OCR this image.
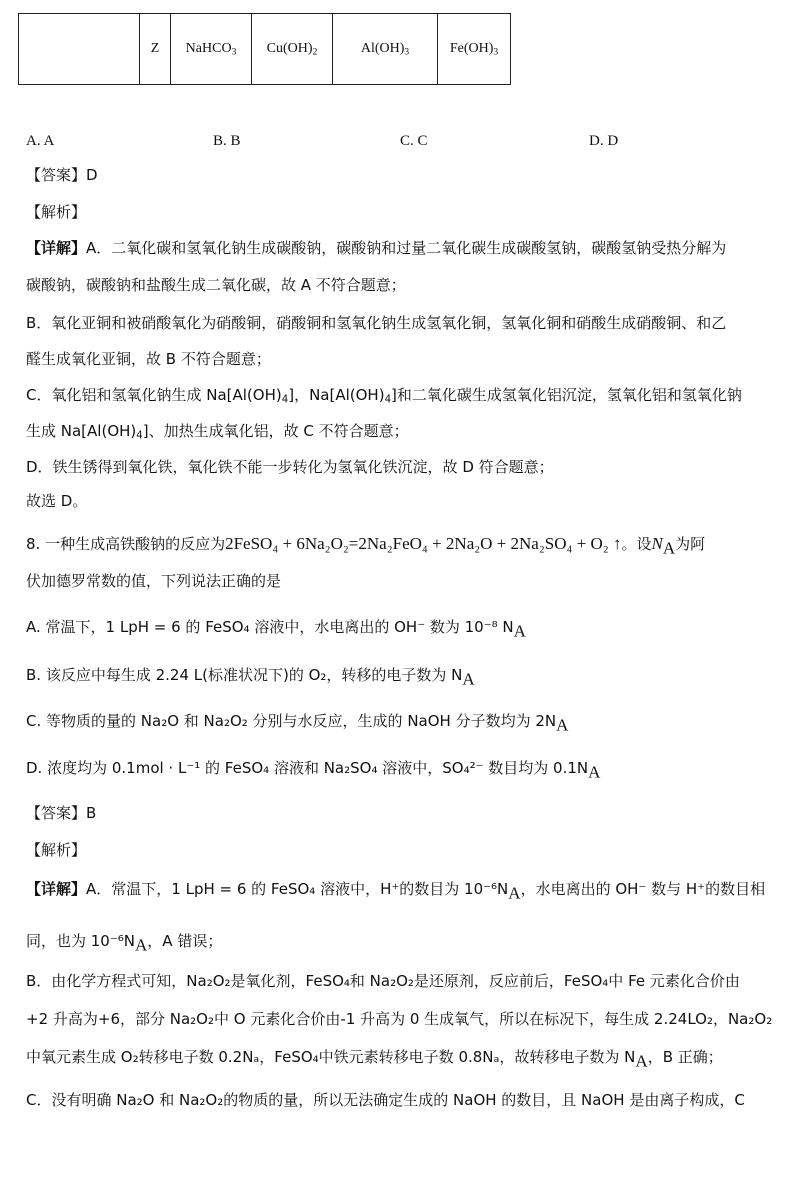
	Z	NaHCO$_3$	$Cu(OH)_2$	$Al(OH)_3$	$Fe(OH)_3$
A. A	B. B	C. C	D. D
【答案】D
【解析】
【详解】A．二氧化碳和氢氧化钠生成碳酸钠，碳酸钠和过量二氧化碳生成碳酸氢钠，碳酸氢钠受热分解为
碳酸钠，碳酸钠和盐酸生成二氧化碳，故 A 不符合题意；
B．氧化亚铜和被硝酸氧化为硝酸铜，硝酸铜和氢氧化钠生成氢氧化铜，氢氧化铜和硝酸生成硝酸铜、和乙
醛生成氧化亚铜，故 B 不符合题意；
C．氧化铝和氢氧化钠生成 $Na[Al(OH)_4]$，$Na[Al(OH)_4]$和二氧化碳生成氢氧化铝沉淀，氢氧化铝和氢氧化钠
生成 $Na[Al(OH)_4]$、加热生成氧化铝，故 C 不符合题意；
D．铁生锈得到氧化铁，氧化铁不能一步转化为氢氧化铁沉淀，故 D 符合题意；
故选 D。
8. 一种生成高铁酸钠的反应为2FeSO₄ + 6Na₂O₂=2Na₂FeO₄ + 2Na₂O + 2Na₂SO₄ + O₂ ↑。设$N_A$为阿
伏加德罗常数的值，下列说法正确的是
A. 常温下，1 LpH = 6 的 FeSO₄ 溶液中，水电离出的 OH⁻ 数为 10⁻⁸ $N_A$
B. 该反应中每生成 2.24 L(标准状况下)的 O₂，转移的电子数为 $N_A$
C. 等物质的量的 Na₂O 和 Na₂O₂ 分别与水反应，生成的 NaOH 分子数均为 $2N_A$
D. 浓度均为 0.1mol · L⁻¹ 的 FeSO₄ 溶液和 Na₂SO₄ 溶液中，SO₄²⁻ 数目均为 $0.1N_A$
【答案】B
【解析】
【详解】A．常温下，1 LpH = 6 的 FeSO₄ 溶液中，H⁺的数目为 $10^{-6}N_A$，水电离出的 OH⁻ 数与 H⁺的数目相
同，也为 $10^{-6}N_A$，A 错误；
B．由化学方程式可知，Na₂O₂是氧化剂，FeSO₄和 Na₂O₂是还原剂，反应前后，FeSO₄中 Fe 元素化合价由
+2 升高为+6，部分 Na₂O₂中 O 元素化合价由-1 升高为 0 生成氧气，所以在标况下，每生成 2.24LO₂，Na₂O₂
中氧元素生成 O₂转移电子数 0.2Nₐ，FeSO₄中铁元素转移电子数 0.8Nₐ，故转移电子数为 $N_A$，B 正确；
C．没有明确 Na₂O 和 Na₂O₂的物质的量，所以无法确定生成的 NaOH 的数目，且 NaOH 是由离子构成，C
